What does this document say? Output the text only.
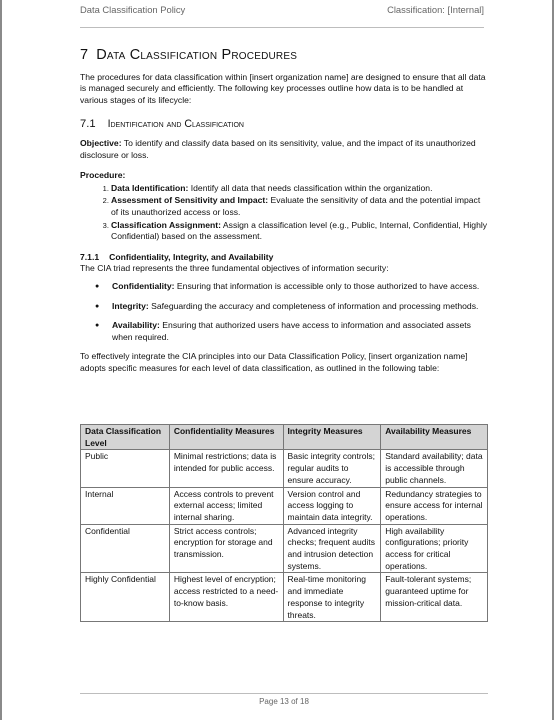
Data Classification Policy	Classification: [Internal]
7 Data Classification Procedures

The procedures for data classification within [insert organization name] are designed to ensure that all data is managed securely and efficiently. The following key processes outline how data is to be handled at various stages of its lifecycle:

7.1 Identification and Classification

Objective: To identify and classify data based on its sensitivity, value, and the impact of its unauthorized disclosure or loss.

Procedure:

1. Data Identification: Identify all data that needs classification within the organization.
2. Assessment of Sensitivity and Impact: Evaluate the sensitivity of data and the potential impact of its unauthorized access or loss.
3. Classification Assignment: Assign a classification level (e.g., Public, Internal, Confidential, Highly Confidential) based on the assessment.
7.1.1 Confidentiality, Integrity, and Availability

The CIA triad represents the three fundamental objectives of information security:

● Confidentiality: Ensuring that information is accessible only to those authorized to have access.
● Integrity: Safeguarding the accuracy and completeness of information and processing methods.
● Availability: Ensuring that authorized users have access to information and associated assets when required.

To effectively integrate the CIA principles into our Data Classification Policy, [insert organization name] adopts specific measures for each level of data classification, as outlined in the following table:

Data Classification Level	Confidentiality Measures	Integrity Measures	Availability Measures
Public	Minimal restrictions; data is intended for public access.	Basic integrity controls; regular audits to ensure accuracy.	Standard availability; data is accessible through public channels.
Internal	Access controls to prevent external access; limited internal sharing.	Version control and access logging to maintain data integrity.	Redundancy strategies to ensure access for internal operations.
Confidential	Strict access controls; encryption for storage and transmission.	Advanced integrity checks; frequent audits and intrusion detection systems.	High availability configurations; priority access for critical operations.
Highly Confidential	Highest level of encryption; access restricted to a need-to-know basis.	Real-time monitoring and immediate response to integrity threats.	Fault-tolerant systems; guaranteed uptime for mission-critical data.
Page 13 of 18
